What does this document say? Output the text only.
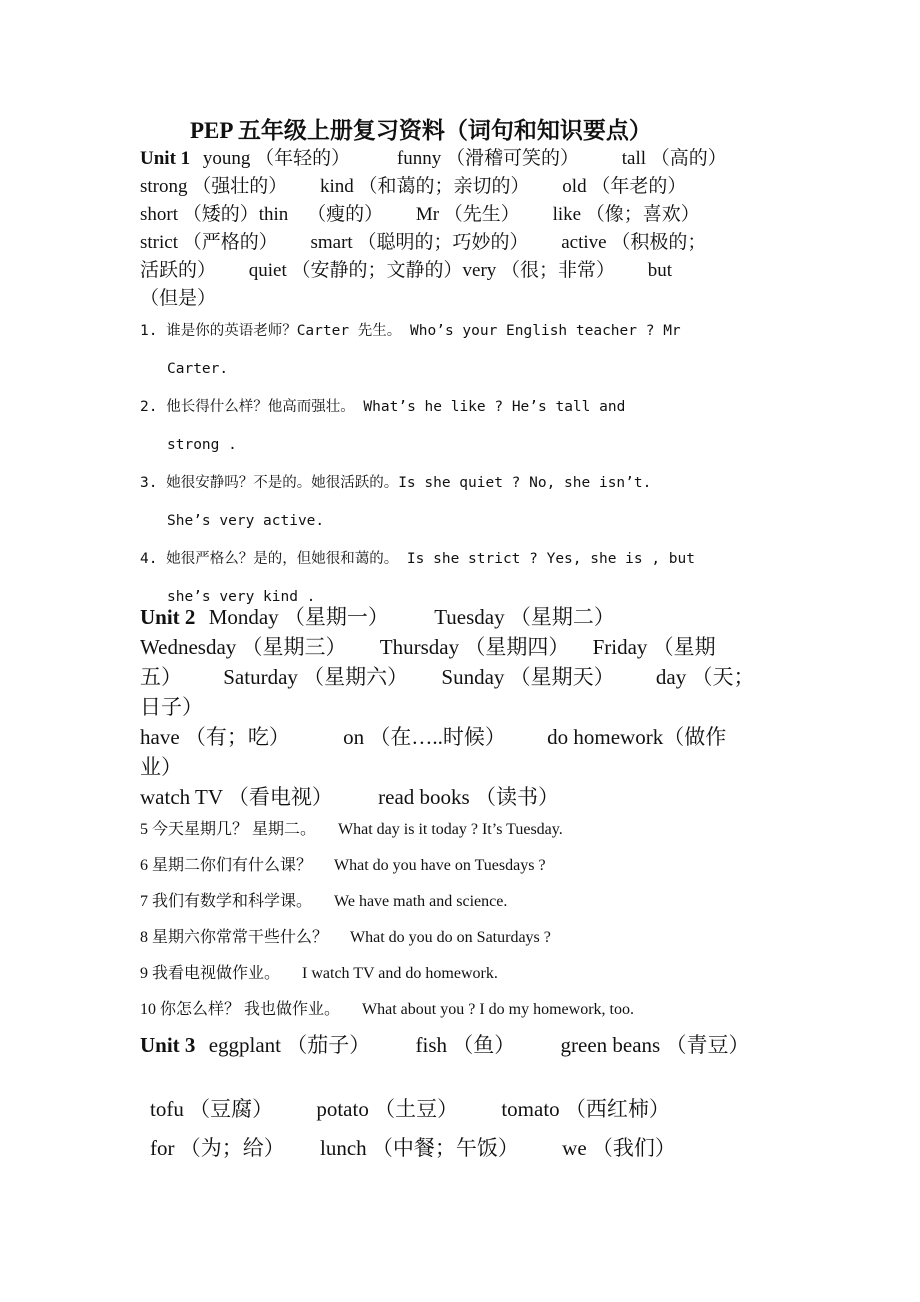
PEP 五年级上册复习资料（词句和知识要点）
Unit 1 young （年轻的） funny （滑稽可笑的） tall （高的）
strong （强壮的） kind （和蔼的；亲切的） old （年老的）
short （矮的）thin （瘦的） Mr （先生） like （像；喜欢）
strict （严格的） smart （聪明的；巧妙的） active （积极的；
活跃的） quiet （安静的；文静的）very （很；非常） but
（但是）
1. 谁是你的英语老师？Carter 先生。 Who’s your English teacher ? Mr
Carter.
2. 他长得什么样？他高而强壮。 What’s he like ? He’s tall and
strong .
3. 她很安静吗？不是的。她很活跃的。Is she quiet ? No, she isn’t.
She’s very active.
4. 她很严格么？是的，但她很和蔼的。 Is she strict ? Yes, she is , but
she’s very kind .
Unit 2 Monday （星期一） Tuesday （星期二）
Wednesday （星期三） Thursday （星期四） Friday （星期
五） Saturday （星期六） Sunday （星期天） day （天；
日子）
have （有；吃）	on （在…..时候） do homework（做作
业）
watch TV （看电视） read books （读书）
5 今天星期几？ 星期二。 What day is it today ? It’s Tuesday.
6 星期二你们有什么课？ What do you have on Tuesdays ?
7 我们有数学和科学课。 We have math and science.
8 星期六你常常干些什么？ What do you do on Saturdays ?
9 我看电视做作业。 I watch TV and do homework.
10 你怎么样？ 我也做作业。 What about you ? I do my homework, too.
Unit 3 eggplant （茄子） fish （鱼） green beans （青豆）
tofu （豆腐） potato （土豆） tomato （西红柿）
for （为；给） lunch （中餐；午饭） we （我们）
